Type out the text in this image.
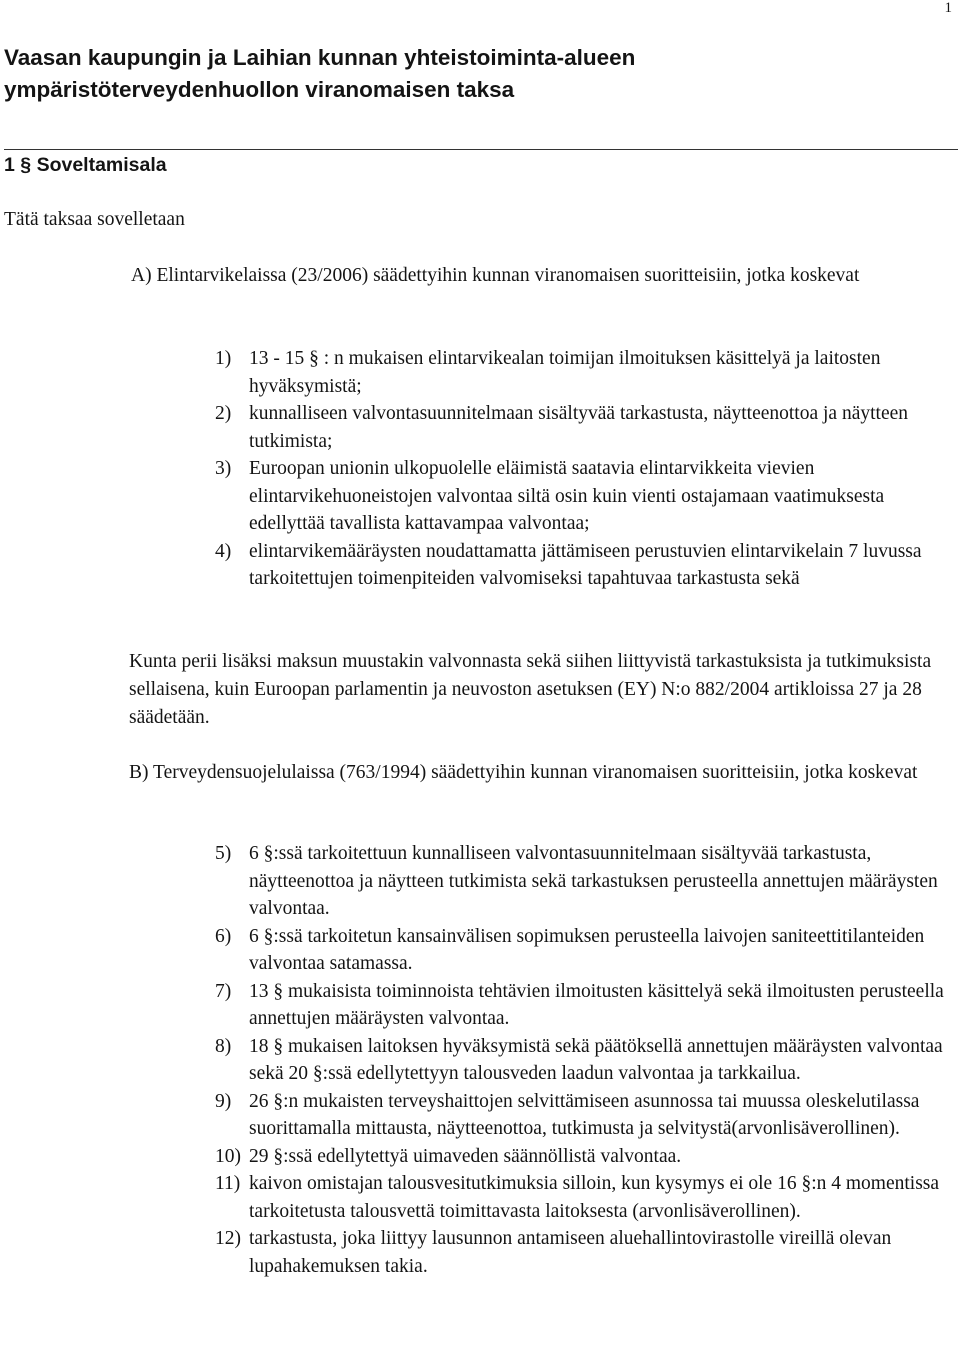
1
Vaasan kaupungin ja Laihian kunnan yhteistoiminta-alueen
ympäristöterveydenhuollon viranomaisen taksa
1 § Soveltamisala

Tätä taksaa sovelletaan

A) Elintarvikelaissa (23/2006) säädettyihin kunnan viranomaisen suoritteisiin, jotka koskevat

1) 13 - 15 § : n mukaisen elintarvikealan toimijan ilmoituksen käsittelyä ja laitosten hyväksymistä;
2) kunnalliseen valvontasuunnitelmaan sisältyvää tarkastusta, näytteenottoa ja näytteen tutkimista;
3) Euroopan unionin ulkopuolelle eläimistä saatavia elintarvikkeita vievien elintarvikehuoneistojen valvontaa siltä osin kuin vienti ostajamaan vaatimuksesta edellyttää tavallista kattavampaa valvontaa;
4) elintarvikemääräysten noudattamatta jättämiseen perustuvien elintarvikelain 7 luvussa tarkoitettujen toimenpiteiden valvomiseksi tapahtuvaa tarkastusta sekä

Kunta perii lisäksi maksun muustakin valvonnasta sekä siihen liittyvistä tarkastuksista ja tutkimuksista sellaisena, kuin Euroopan parlamentin ja neuvoston asetuksen (EY) N:o 882/2004 artikloissa 27 ja 28 säädetään.

B) Terveydensuojelulaissa (763/1994) säädettyihin kunnan viranomaisen suoritteisiin, jotka koskevat

5) 6 §:ssä tarkoitettuun kunnalliseen valvontasuunnitelmaan sisältyvää tarkastusta, näytteenottoa ja näytteen tutkimista sekä tarkastuksen perusteella annettujen määräysten valvontaa.
6) 6 §:ssä tarkoitetun kansainvälisen sopimuksen perusteella laivojen saniteettitilanteiden valvontaa satamassa.
7) 13 § mukaisista toiminnoista tehtävien ilmoitusten käsittelyä sekä ilmoitusten perusteella annettujen määräysten valvontaa.
8) 18 § mukaisen laitoksen hyväksymistä sekä päätöksellä annettujen määräysten valvontaa sekä 20 §:ssä edellytettyyn talousveden laadun valvontaa ja tarkkailua.
9) 26 §:n mukaisten terveyshaittojen selvittämiseen asunnossa tai muussa oleskelutilassa suorittamalla mittausta, näytteenottoa, tutkimusta ja selvitystä(arvonlisäverollinen).
10) 29 §:ssä edellytettyä uimaveden säännöllistä valvontaa.
11) kaivon omistajan talousvesitutkimuksia silloin, kun kysymys ei ole 16 §:n 4 momentissa tarkoitetusta talousvettä toimittavasta laitoksesta (arvonlisäverollinen).
12) tarkastusta, joka liittyy lausunnon antamiseen aluehallintovirastolle vireillä olevan lupahakemuksen takia.
